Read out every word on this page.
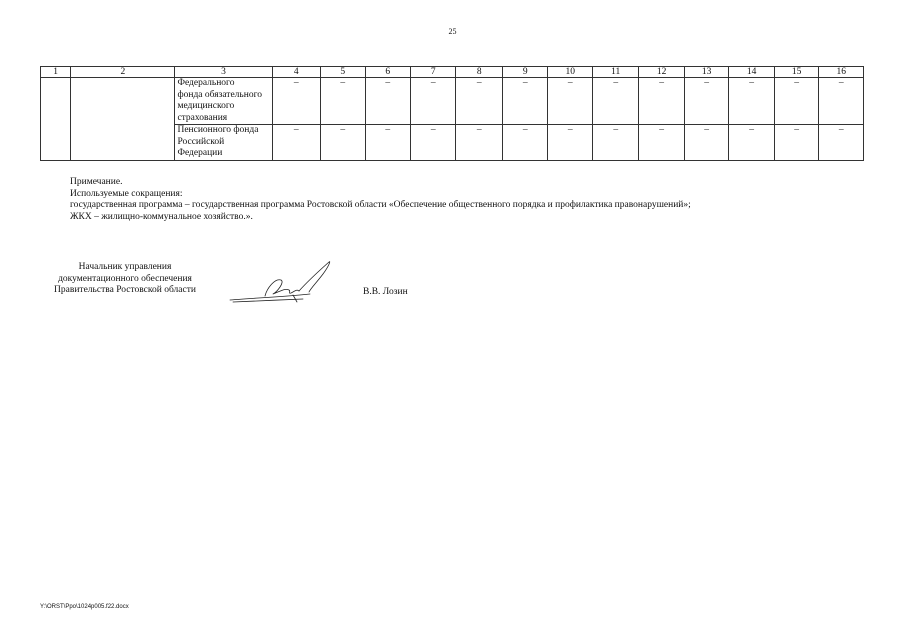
25
1	2	3	4	5	6	7	8	9	10	11	12	13	14	15	16
		Федерального
фонда обязательного
медицинского
страхования	–	–	–	–	–	–	–	–	–	–	–	–	–
		Пенсионного фонда
Российской
Федерации	–	–	–	–	–	–	–	–	–	–	–	–	–
Примечание.
Используемые сокращения:
государственная программа – государственная программа Ростовской области «Обеспечение общественного порядка и профилактика правонарушений»;
ЖКХ – жилищно-коммунальное хозяйство.».
Начальник управления
документационного обеспечения
Правительства Ростовской области	В.В. Лозин
Y:\ORST\Ppo\1024p005.f22.docx
